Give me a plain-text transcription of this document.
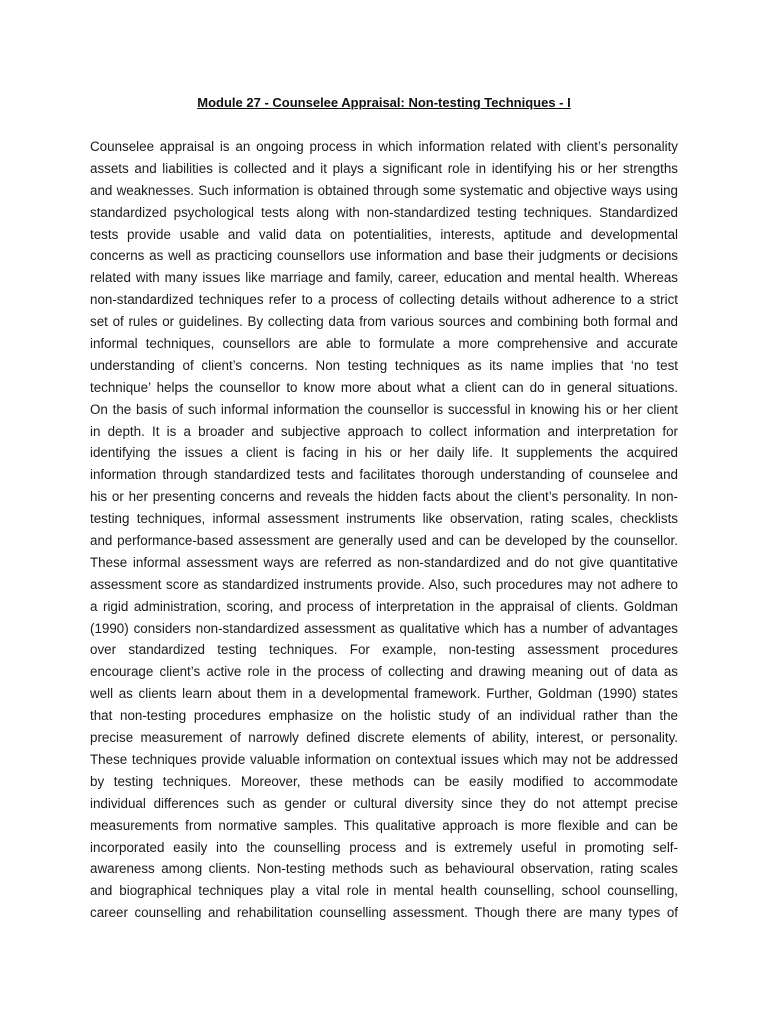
Module 27 - Counselee Appraisal: Non-testing Techniques - I
Counselee appraisal is an ongoing process in which information related with client’s personality
assets and liabilities is collected and it plays a significant role in identifying his or her strengths
and weaknesses. Such information is obtained through some systematic and objective ways using
standardized psychological tests along with non-standardized testing techniques. Standardized
tests provide usable and valid data on potentialities, interests, aptitude and developmental
concerns as well as practicing counsellors use information and base their judgments or decisions
related with many issues like marriage and family, career, education and mental health. Whereas
non-standardized techniques refer to a process of collecting details without adherence to a strict
set of rules or guidelines. By collecting data from various sources and combining both formal and
informal techniques, counsellors are able to formulate a more comprehensive and accurate
understanding of client’s concerns. Non testing techniques as its name implies that ‘no test
technique’ helps the counsellor to know more about what a client can do in general situations.
On the basis of such informal information the counsellor is successful in knowing his or her client
in depth. It is a broader and subjective approach to collect information and interpretation for
identifying the issues a client is facing in his or her daily life. It supplements the acquired
information through standardized tests and facilitates thorough understanding of counselee and
his or her presenting concerns and reveals the hidden facts about the client’s personality. In non-
testing techniques, informal assessment instruments like observation, rating scales, checklists
and performance-based assessment are generally used and can be developed by the counsellor.
These informal assessment ways are referred as non-standardized and do not give quantitative
assessment score as standardized instruments provide. Also, such procedures may not adhere to
a rigid administration, scoring, and process of interpretation in the appraisal of clients. Goldman
(1990) considers non-standardized assessment as qualitative which has a number of advantages
over standardized testing techniques. For example, non-testing assessment procedures
encourage client’s active role in the process of collecting and drawing meaning out of data as
well as clients learn about them in a developmental framework. Further, Goldman (1990) states
that non-testing procedures emphasize on the holistic study of an individual rather than the
precise measurement of narrowly defined discrete elements of ability, interest, or personality.
These techniques provide valuable information on contextual issues which may not be addressed
by testing techniques. Moreover, these methods can be easily modified to accommodate
individual differences such as gender or cultural diversity since they do not attempt precise
measurements from normative samples. This qualitative approach is more flexible and can be
incorporated easily into the counselling process and is extremely useful in promoting self-
awareness among clients. Non-testing methods such as behavioural observation, rating scales
and biographical techniques play a vital role in mental health counselling, school counselling,
career counselling and rehabilitation counselling assessment. Though there are many types of
